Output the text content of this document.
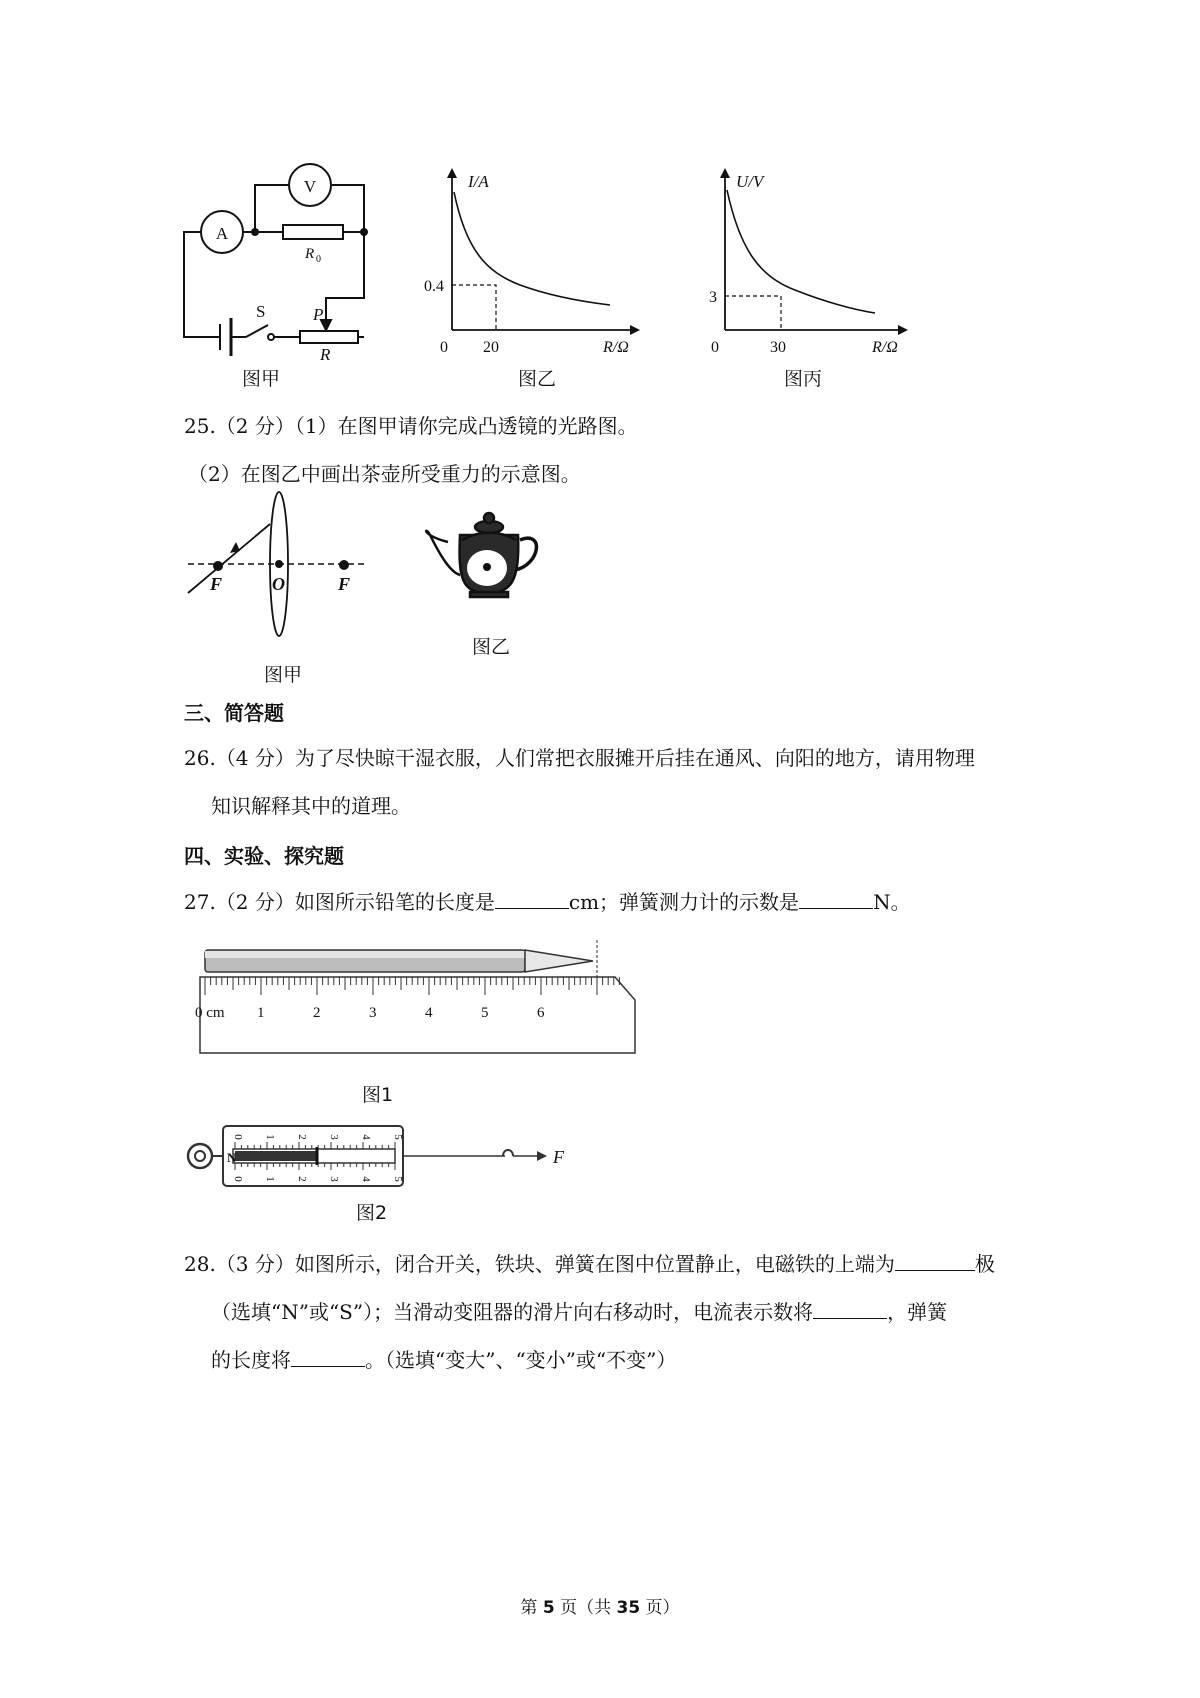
V
A
R 0
S	P
R
I/A
R/Ω
0.4
0 20
U/V
R/Ω
3
0	30
图甲	图乙	图丙
25.（2 分）（1）在图甲请你完成凸透镜的光路图。
（2）在图乙中画出茶壶所受重力的示意图。
F	O	F
图甲
图乙
三、简答题
26.（4 分）为了尽快晾干湿衣服，人们常把衣服摊开后挂在通风、向阳的地方，请用物理
知识解释其中的道理。
四、实验、探究题
27.（2 分）如图所示铅笔的长度是	cm；弹簧测力计的示数是	N。
0 cm 1	2	3	4	5	6
图1
N
0
0
1
1
2
2
3
3
4
4
5
5
F
图2
28.（3 分）如图所示，闭合开关，铁块、弹簧在图中位置静止，电磁铁的上端为	极
（选填“N”或“S”）；当滑动变阻器的滑片向右移动时，电流表示数将	，弹簧
的长度将	。（选填“变大”、“变小”或“不变”）
第 5 页（共 35 页）
